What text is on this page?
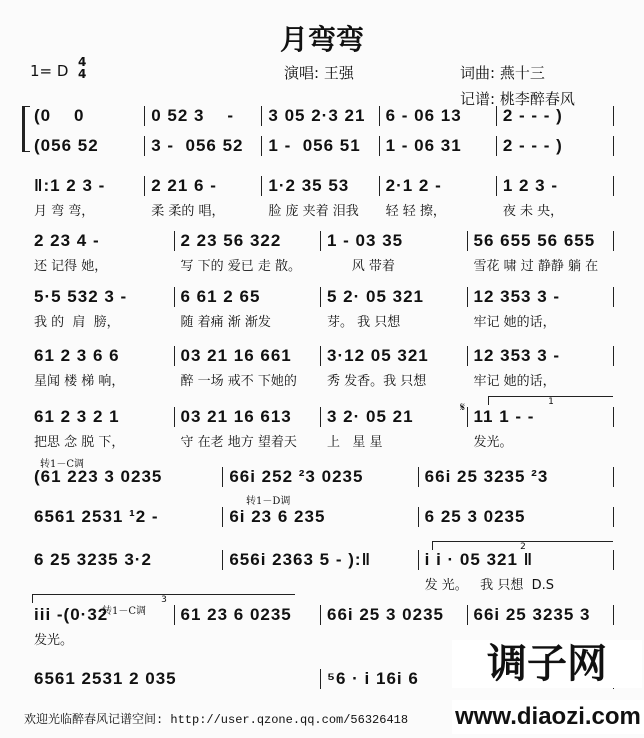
月弯弯
1= D 4
4	演唱: 王强	词曲: 燕十三
记谱: 桃李醉春风
(0    0	0 52 3    -	3 05 2·3 21	6 - 06 13	2 - - - )
(056 52	3 -  056 52	1 -  056 51	1 - 06 31	2 - - - )
‖:1 2 3 -	2 21 6 -	1·2 35 53	2·1 2 -	1 2 3 -
月 弯 弯，	柔 柔的 唱，	脸 庞 夹着 泪我	轻 轻 擦，	夜 未 央，
2 23 4 -	2 23 56 322	1 - 03 35	56 655 56 655
还 记得 她，	写 下的 爱已 走 散。	风 带着	雪花 啸 过 静静 躺 在
5·5 532 3 -	6 61 2 65	5 2· 05 321	12 353 3 -
我 的  肩  膀，	随 着痛 渐 渐发	芽。 我 只想	牢记 她的话，
61 2 3 6 6	03 21 16 661	3·12 05 321	12 353 3 -
星闻 楼 梯 响，	醉 一场 戒不 下她的	秀 发香。我 只想	牢记 她的话，
61 2 3 2 1	03 21 16 613	3 2· 05 21	11 1 - -
把思 念 脱 下，	守 在老 地方 望着天	上   星 星	发光。
(61 223 3 0235	66i 252 ²3 0235	66i 25 3235 ²3
6561 2531 ¹2 -	6i 23 6 235	6 25 3 0235
6 25 3235 3·2	656i 2363 5 - ):‖	i i · 05 321 ‖
发 光。   我 只想  D.S
iii -(0·32	61 23 6 0235	66i 25 3 0235	66i 25 3235 3
发光。
6561 2531 2 035	⁵6 · i 16i 6
转1－C调
转1－D调
转1－C调
𝄋	1
2
3
调子网
www.diaozi.com
欢迎光临醉春风记谱空间: http://user.qzone.qq.com/56326418
